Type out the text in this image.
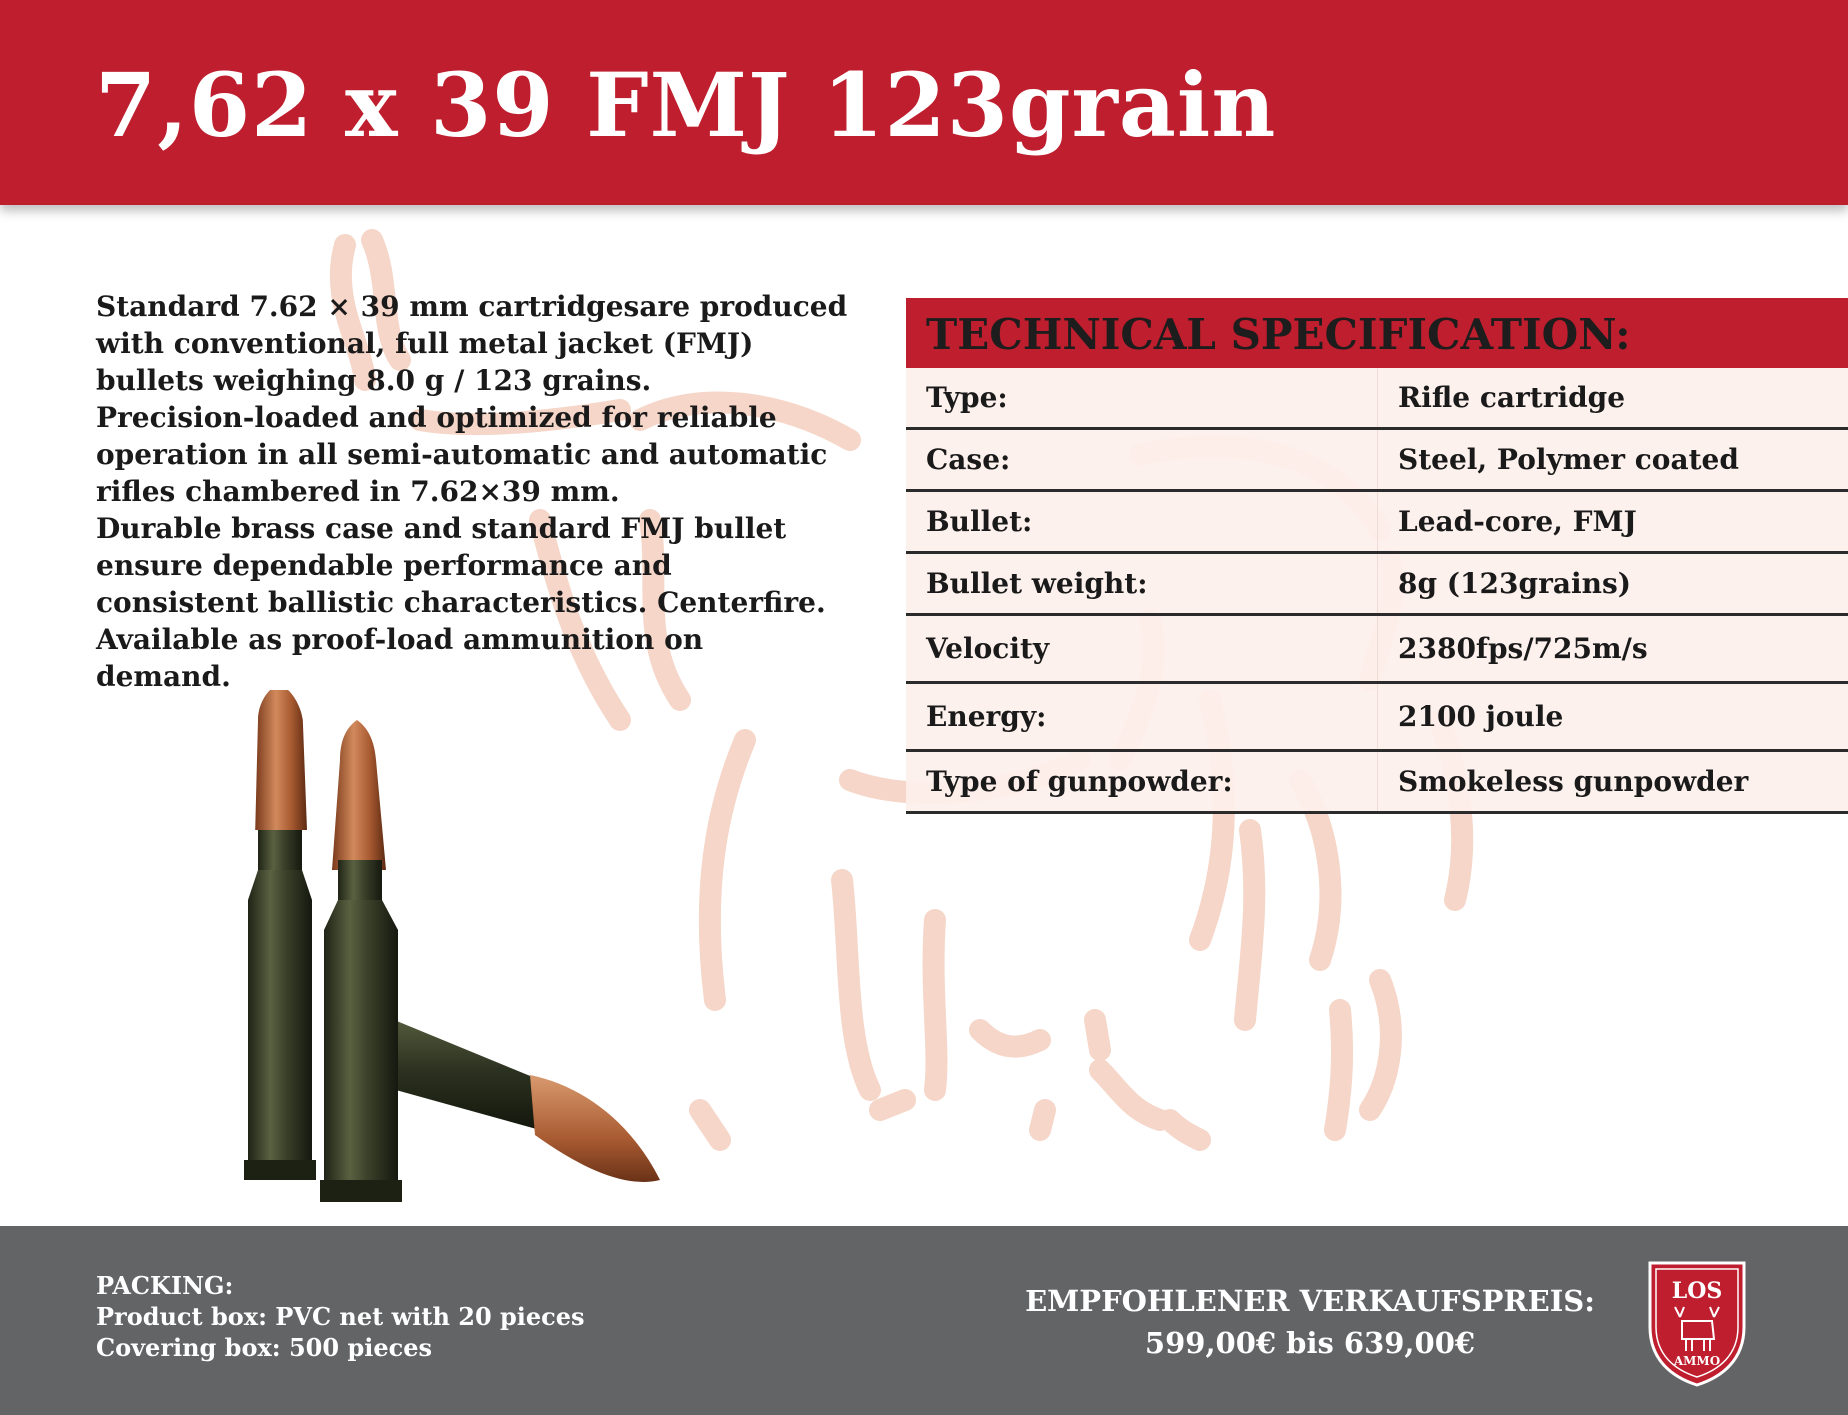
7,62 x 39 FMJ 123grain

Standard 7.62 × 39 mm cartridgesare produced

with conventional, full metal jacket (FMJ)

bullets weighing 8.0 g / 123 grains.

Precision-loaded and optimized for reliable

operation in all semi-automatic and automatic

rifles chambered in 7.62×39 mm.

Durable brass case and standard FMJ bullet

ensure dependable performance and

consistent ballistic characteristics. Centerfire.

Available as proof-load ammunition on

demand.

TECHNICAL SPECIFICATION:
Type:	Rifle cartridge
Case:	Steel, Polymer coated
Bullet:	Lead-core, FMJ
Bullet weight:	8g (123grains)
Velocity	2380fps/725m/s
Energy:	2100 joule
Type of gunpowder:	Smokeless gunpowder
PACKING:
Product box: PVC net with 20 pieces
Covering box: 500 pieces
EMPFOHLENER VERKAUFSPREIS:
599,00€ bis 639,00€
LOS
AMMO
